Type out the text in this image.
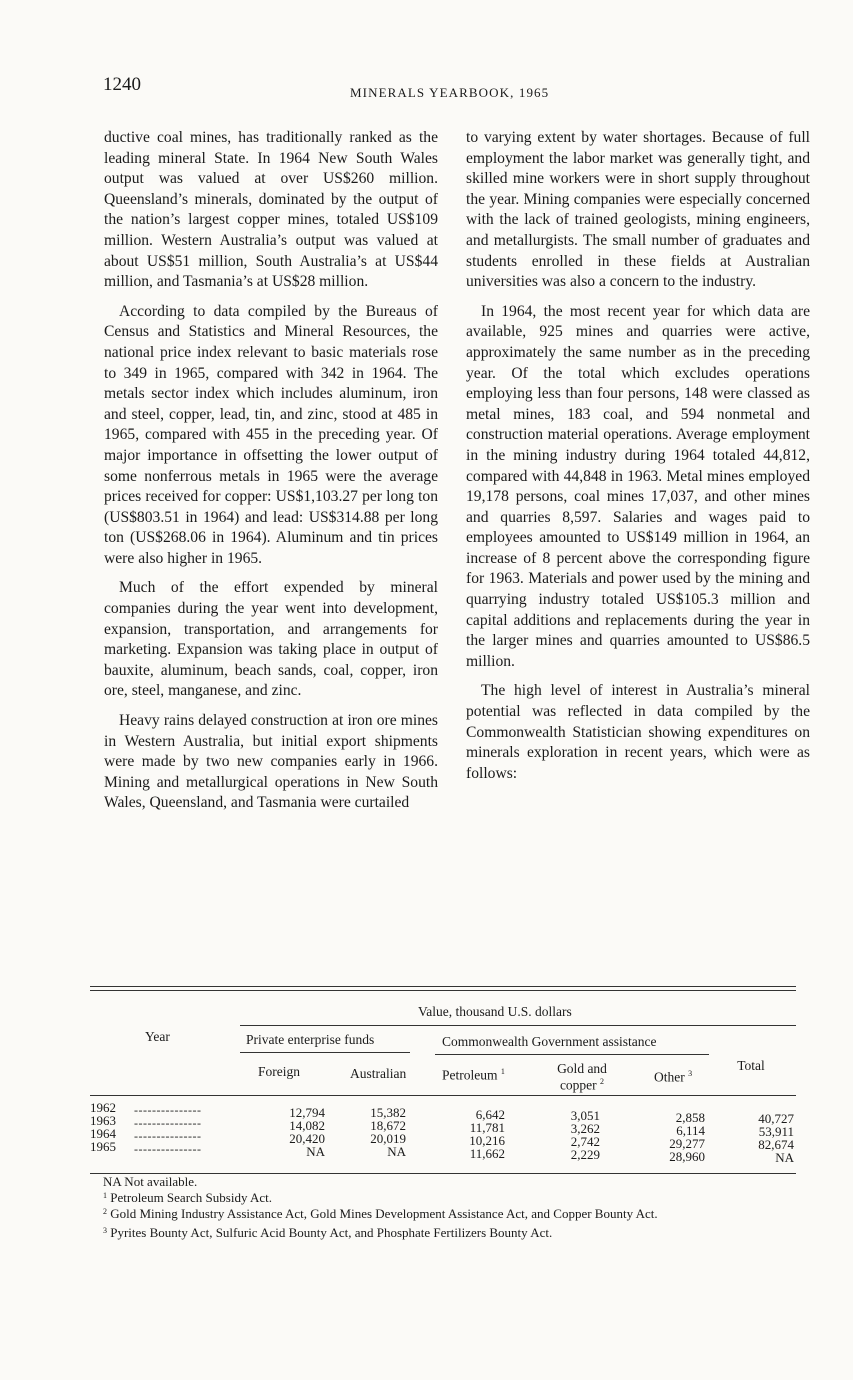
1240	MINERALS YEARBOOK, 1965

ductive coal mines, has traditionally ranked as the leading mineral State. In 1964 New South Wales output was valued at over US$260 million. Queensland’s minerals, dominated by the output of the nation’s largest copper mines, totaled US$109 million. Western Australia’s output was valued at about US$51 million, South Australia’s at US$44 million, and Tasmania’s at US$28 million.

According to data compiled by the Bureaus of Census and Statistics and Mineral Resources, the national price index relevant to basic materials rose to 349 in 1965, compared with 342 in 1964. The metals sector index which includes aluminum, iron and steel, copper, lead, tin, and zinc, stood at 485 in 1965, compared with 455 in the preceding year. Of major importance in offsetting the lower output of some nonferrous metals in 1965 were the average prices received for copper: US$1,103.27 per long ton (US$803.51 in 1964) and lead: US$314.88 per long ton (US$268.06 in 1964). Aluminum and tin prices were also higher in 1965.

Much of the effort expended by mineral companies during the year went into development, expansion, transportation, and arrangements for marketing. Expansion was taking place in output of bauxite, aluminum, beach sands, coal, copper, iron ore, steel, manganese, and zinc.

Heavy rains delayed construction at iron ore mines in Western Australia, but initial export shipments were made by two new companies early in 1966. Mining and metallurgical operations in New South Wales, Queensland, and Tasmania were curtailed

to varying extent by water shortages. Because of full employment the labor market was generally tight, and skilled mine workers were in short supply throughout the year. Mining companies were especially concerned with the lack of trained geologists, mining engineers, and metallurgists. The small number of graduates and students enrolled in these fields at Australian universities was also a concern to the industry.

In 1964, the most recent year for which data are available, 925 mines and quarries were active, approximately the same number as in the preceding year. Of the total which excludes operations employing less than four persons, 148 were classed as metal mines, 183 coal, and 594 nonmetal and construction material operations. Average employment in the mining industry during 1964 totaled 44,812, compared with 44,848 in 1963. Metal mines employed 19,178 persons, coal mines 17,037, and other mines and quarries 8,597. Salaries and wages paid to employees amounted to US$149 million in 1964, an increase of 8 percent above the corresponding figure for 1963. Materials and power used by the mining and quarrying industry totaled US$105.3 million and capital additions and replacements during the year in the larger mines and quarries amounted to US$86.5 million.

The high level of interest in Australia’s mineral potential was reflected in data compiled by the Commonwealth Statistician showing expenditures on minerals exploration in recent years, which were as follows:

Value, thousand U.S. dollars
Year	Private enterprise funds	Commonwealth Government assistance
Total
Foreign	Australian	Petroleum $^1$	Gold and
copper $^2$	Other $^3$
1962 ---------------	12,794	15,382	6,642	3,051	2,858	40,727
1963 ---------------	14,082	18,672	11,781	3,262	6,114	53,911
1964 ---------------	20,420	20,019	10,216	2,742	29,277	82,674
1965 ---------------	NA	NA	11,662	2,229	28,960	NA
NA Not available.
$^1$ Petroleum Search Subsidy Act.
$^2$ Gold Mining Industry Assistance Act, Gold Mines Development Assistance Act, and Copper Bounty Act.
$^3$ Pyrites Bounty Act, Sulfuric Acid Bounty Act, and Phosphate Fertilizers Bounty Act.
